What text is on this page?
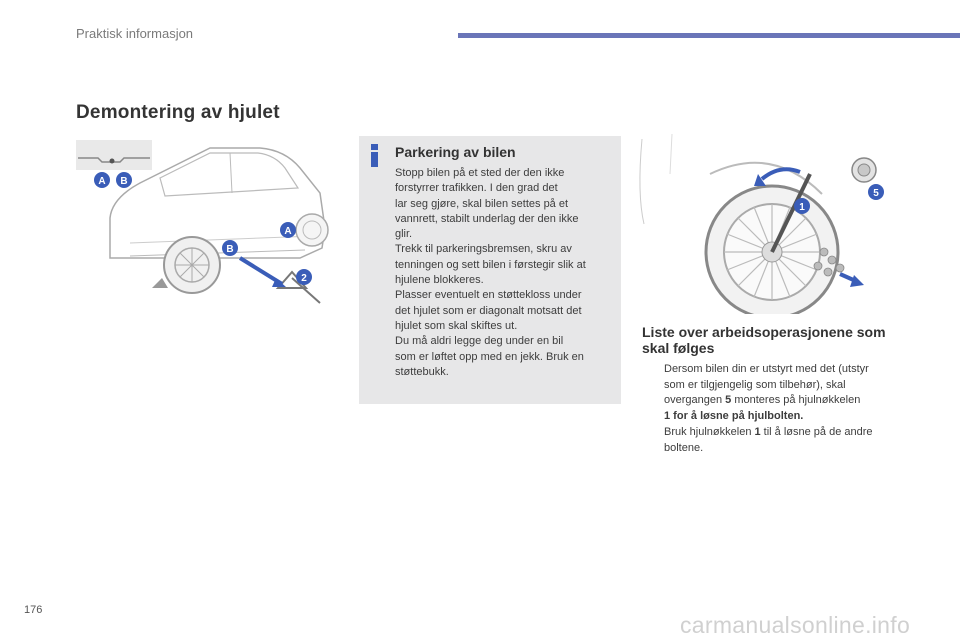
Praktisk informasjon
Demontering av hjulet
A B
A
B
2
Parkering av bilen
Stopp bilen på et sted der den ikke
forstyrrer trafikken. I den grad det
lar seg gjøre, skal bilen settes på et
vannrett, stabilt underlag der den ikke
glir.
Trekk til parkeringsbremsen, skru av
tenningen og sett bilen i førstegir slik at
hjulene blokkeres.
Plasser eventuelt en støttekloss under
det hjulet som er diagonalt motsatt det
hjulet som skal skiftes ut.
Du må aldri legge deg under en bil
som er løftet opp med en jekk. Bruk en
støttebukk.
1
5
Liste over arbeidsoperasjonene som skal følges
Dersom bilen din er utstyrt med det (utstyr
som er tilgjengelig som tilbehør), skal
overgangen 5 monteres på hjulnøkkelen
1 for å løsne på hjulbolten.
Bruk hjulnøkkelen 1 til å løsne på de andre
boltene.
176
carmanualsonline.info
